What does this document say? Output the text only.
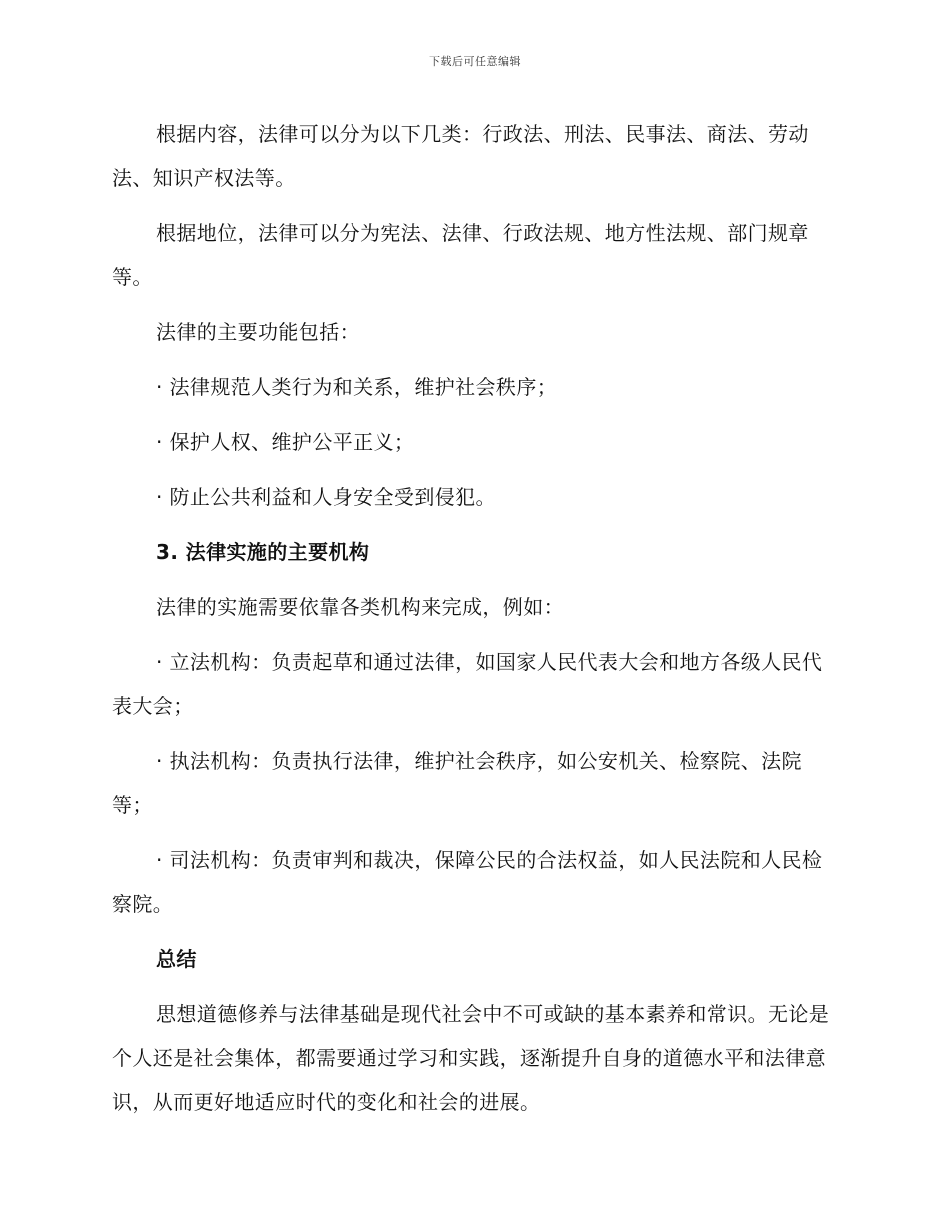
下载后可任意编辑

根据内容，法律可以分为以下几类：行政法、刑法、民事法、商法、劳动法、知识产权法等。

根据地位，法律可以分为宪法、法律、行政法规、地方性法规、部门规章等。

法律的主要功能包括：

· 法律规范人类行为和关系，维护社会秩序；

· 保护人权、维护公平正义；

· 防止公共利益和人身安全受到侵犯。

3. 法律实施的主要机构

法律的实施需要依靠各类机构来完成，例如：

· 立法机构：负责起草和通过法律，如国家人民代表大会和地方各级人民代表大会；

· 执法机构：负责执行法律，维护社会秩序，如公安机关、检察院、法院等；

· 司法机构：负责审判和裁决，保障公民的合法权益，如人民法院和人民检察院。

总结

思想道德修养与法律基础是现代社会中不可或缺的基本素养和常识。无论是个人还是社会集体，都需要通过学习和实践，逐渐提升自身的道德水平和法律意识，从而更好地适应时代的变化和社会的进展。
